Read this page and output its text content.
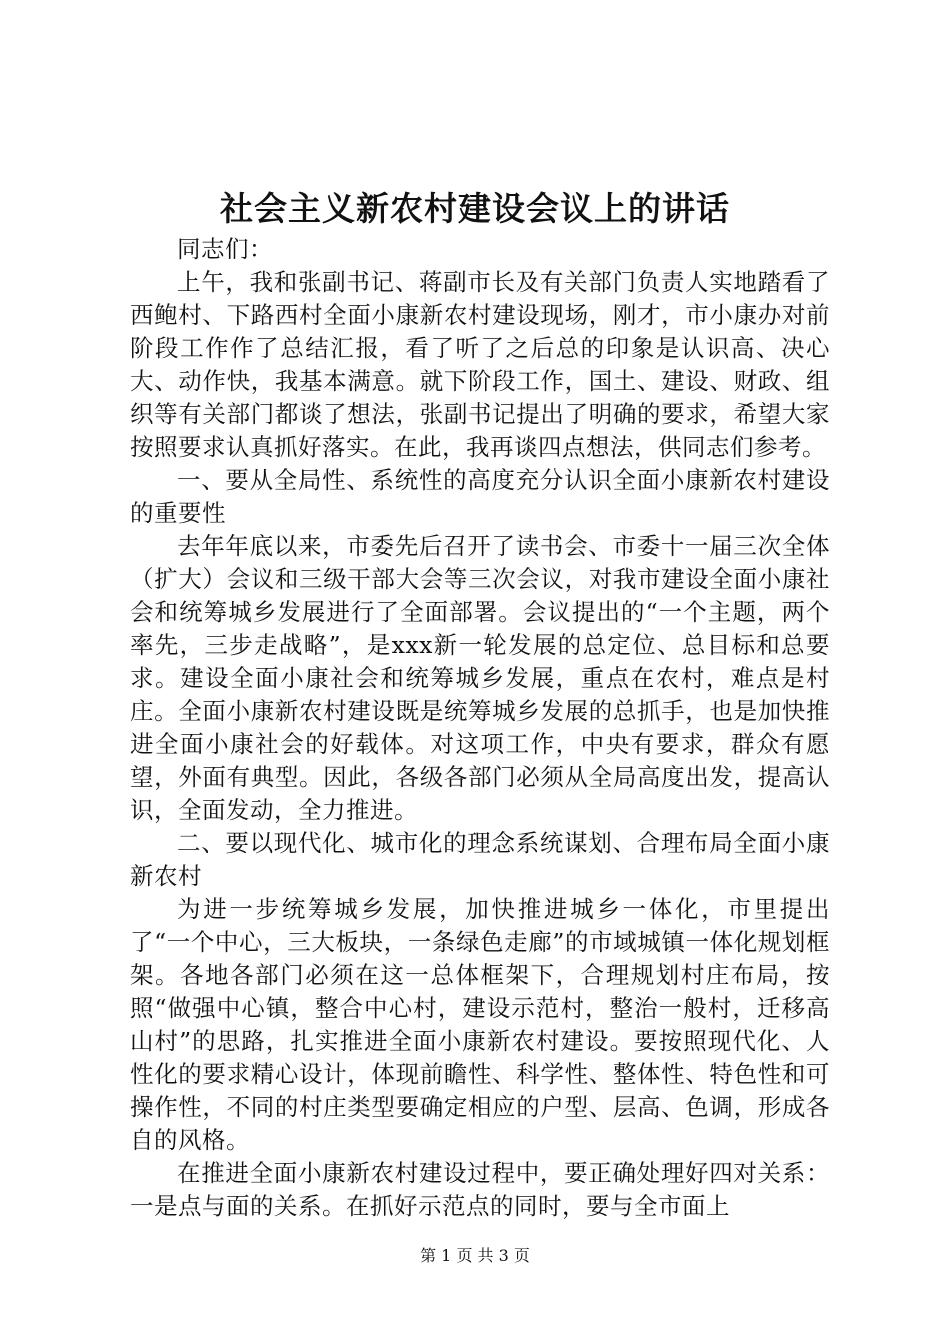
社会主义新农村建设会议上的讲话

同志们：

上午，我和张副书记、蒋副市长及有关部门负责人实地踏看了西鲍村、下路西村全面小康新农村建设现场，刚才，市小康办对前阶段工作作了总结汇报，看了听了之后总的印象是认识高、决心大、动作快，我基本满意。就下阶段工作，国土、建设、财政、组织等有关部门都谈了想法，张副书记提出了明确的要求，希望大家按照要求认真抓好落实。在此，我再谈四点想法，供同志们参考。

一、要从全局性、系统性的高度充分认识全面小康新农村建设的重要性

去年年底以来，市委先后召开了读书会、市委十一届三次全体（扩大）会议和三级干部大会等三次会议，对我市建设全面小康社会和统筹城乡发展进行了全面部署。会议提出的“一个主题，两个率先，三步走战略”，是xxx新一轮发展的总定位、总目标和总要求。建设全面小康社会和统筹城乡发展，重点在农村，难点是村庄。全面小康新农村建设既是统筹城乡发展的总抓手，也是加快推进全面小康社会的好载体。对这项工作，中央有要求，群众有愿望，外面有典型。因此，各级各部门必须从全局高度出发，提高认识，全面发动，全力推进。

二、要以现代化、城市化的理念系统谋划、合理布局全面小康新农村

为进一步统筹城乡发展，加快推进城乡一体化，市里提出了“一个中心，三大板块，一条绿色走廊”的市域城镇一体化规划框架。各地各部门必须在这一总体框架下，合理规划村庄布局，按照“做强中心镇，整合中心村，建设示范村，整治一般村，迁移高山村”的思路，扎实推进全面小康新农村建设。要按照现代化、人性化的要求精心设计，体现前瞻性、科学性、整体性、特色性和可操作性，不同的村庄类型要确定相应的户型、层高、色调，形成各自的风格。

在推进全面小康新农村建设过程中，要正确处理好四对关系：一是点与面的关系。在抓好示范点的同时，要与全市面上

第 1 页 共 3 页
